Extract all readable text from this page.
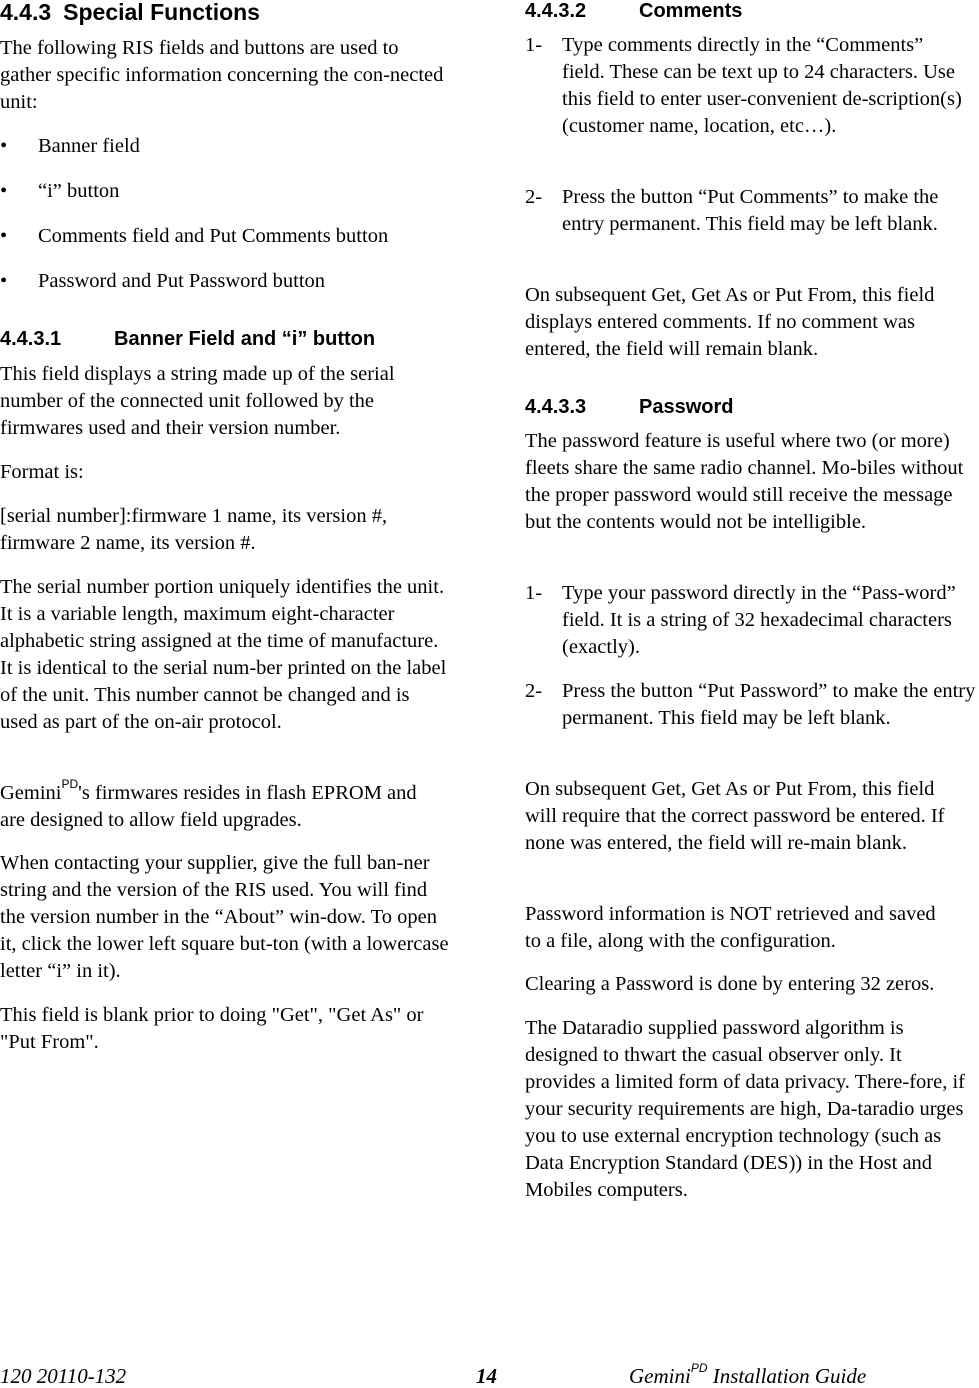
4.4.3 Special Functions

The following RIS fields and buttons are used to gather specific information concerning the con-nected unit:

• Banner field
• “i” button
• Comments field and Put Comments button
• Password and Put Password button
4.4.3.1	Banner Field and “i” button

This field displays a string made up of the serial number of the connected unit followed by the firmwares used and their version number.

Format is:

[serial number]:firmware 1 name, its version #, firmware 2 name, its version #.

The serial number portion uniquely identifies the unit. It is a variable length, maximum eight-character alphabetic string assigned at the time of manufacture. It is identical to the serial num-ber printed on the label of the unit. This number cannot be changed and is used as part of the on-air protocol.

Gemini$^{PD}$'s firmwares resides in flash EPROM and are designed to allow field upgrades.

When contacting your supplier, give the full ban-ner string and the version of the RIS used. You will find the version number in the “About” win-dow. To open it, click the lower left square but-ton (with a lowercase letter “i” in it).

This field is blank prior to doing "Get", "Get As" or "Put From".

4.4.3.2	Comments
1- Type comments directly in the “Comments” field. These can be text up to 24 characters. Use this field to enter user-convenient de-scription(s) (customer name, location, etc…).
2- Press the button “Put Comments” to make the entry permanent. This field may be left blank.

On subsequent Get, Get As or Put From, this field displays entered comments. If no comment was entered, the field will remain blank.

4.4.3.3	Password

The password feature is useful where two (or more) fleets share the same radio channel. Mo-biles without the proper password would still receive the message but the contents would not be intelligible.

1- Type your password directly in the “Pass-word” field. It is a string of 32 hexadecimal characters (exactly).
2- Press the button “Put Password” to make the entry permanent. This field may be left blank.

On subsequent Get, Get As or Put From, this field will require that the correct password be entered. If none was entered, the field will re-main blank.

Password information is NOT retrieved and saved to a file, along with the configuration.

Clearing a Password is done by entering 32 zeros.

The Dataradio supplied password algorithm is designed to thwart the casual observer only. It provides a limited form of data privacy. There-fore, if your security requirements are high, Da-taradio urges you to use external encryption technology (such as Data Encryption Standard (DES)) in the Host and Mobiles computers.

120 20110-132	14	Gemini$^{PD}$ Installation Guide
